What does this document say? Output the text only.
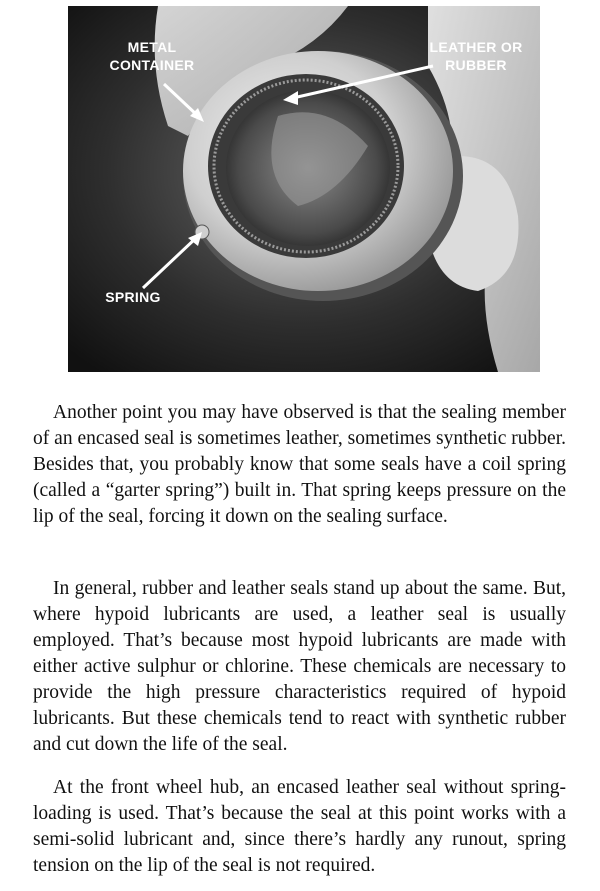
METAL
CONTAINER
LEATHER OR
RUBBER
SPRING

Another point you may have observed is that the sealing member of an encased seal is sometimes leather, sometimes synthetic rubber. Besides that, you probably know that some seals have a coil spring (called a “garter spring”) built in. That spring keeps pressure on the lip of the seal, forcing it down on the sealing surface.

In general, rubber and leather seals stand up about the same. But, where hypoid lubricants are used, a leather seal is usually employed. That’s because most hypoid lubricants are made with either active sulphur or chlorine. These chemicals are necessary to provide the high pressure characteristics required of hypoid lubricants. But these chemicals tend to react with synthetic rubber and cut down the life of the seal.

At the front wheel hub, an encased leather seal without spring-loading is used. That’s because the seal at this point works with a semi-solid lubricant and, since there’s hardly any runout, spring tension on the lip of the seal is not required.
